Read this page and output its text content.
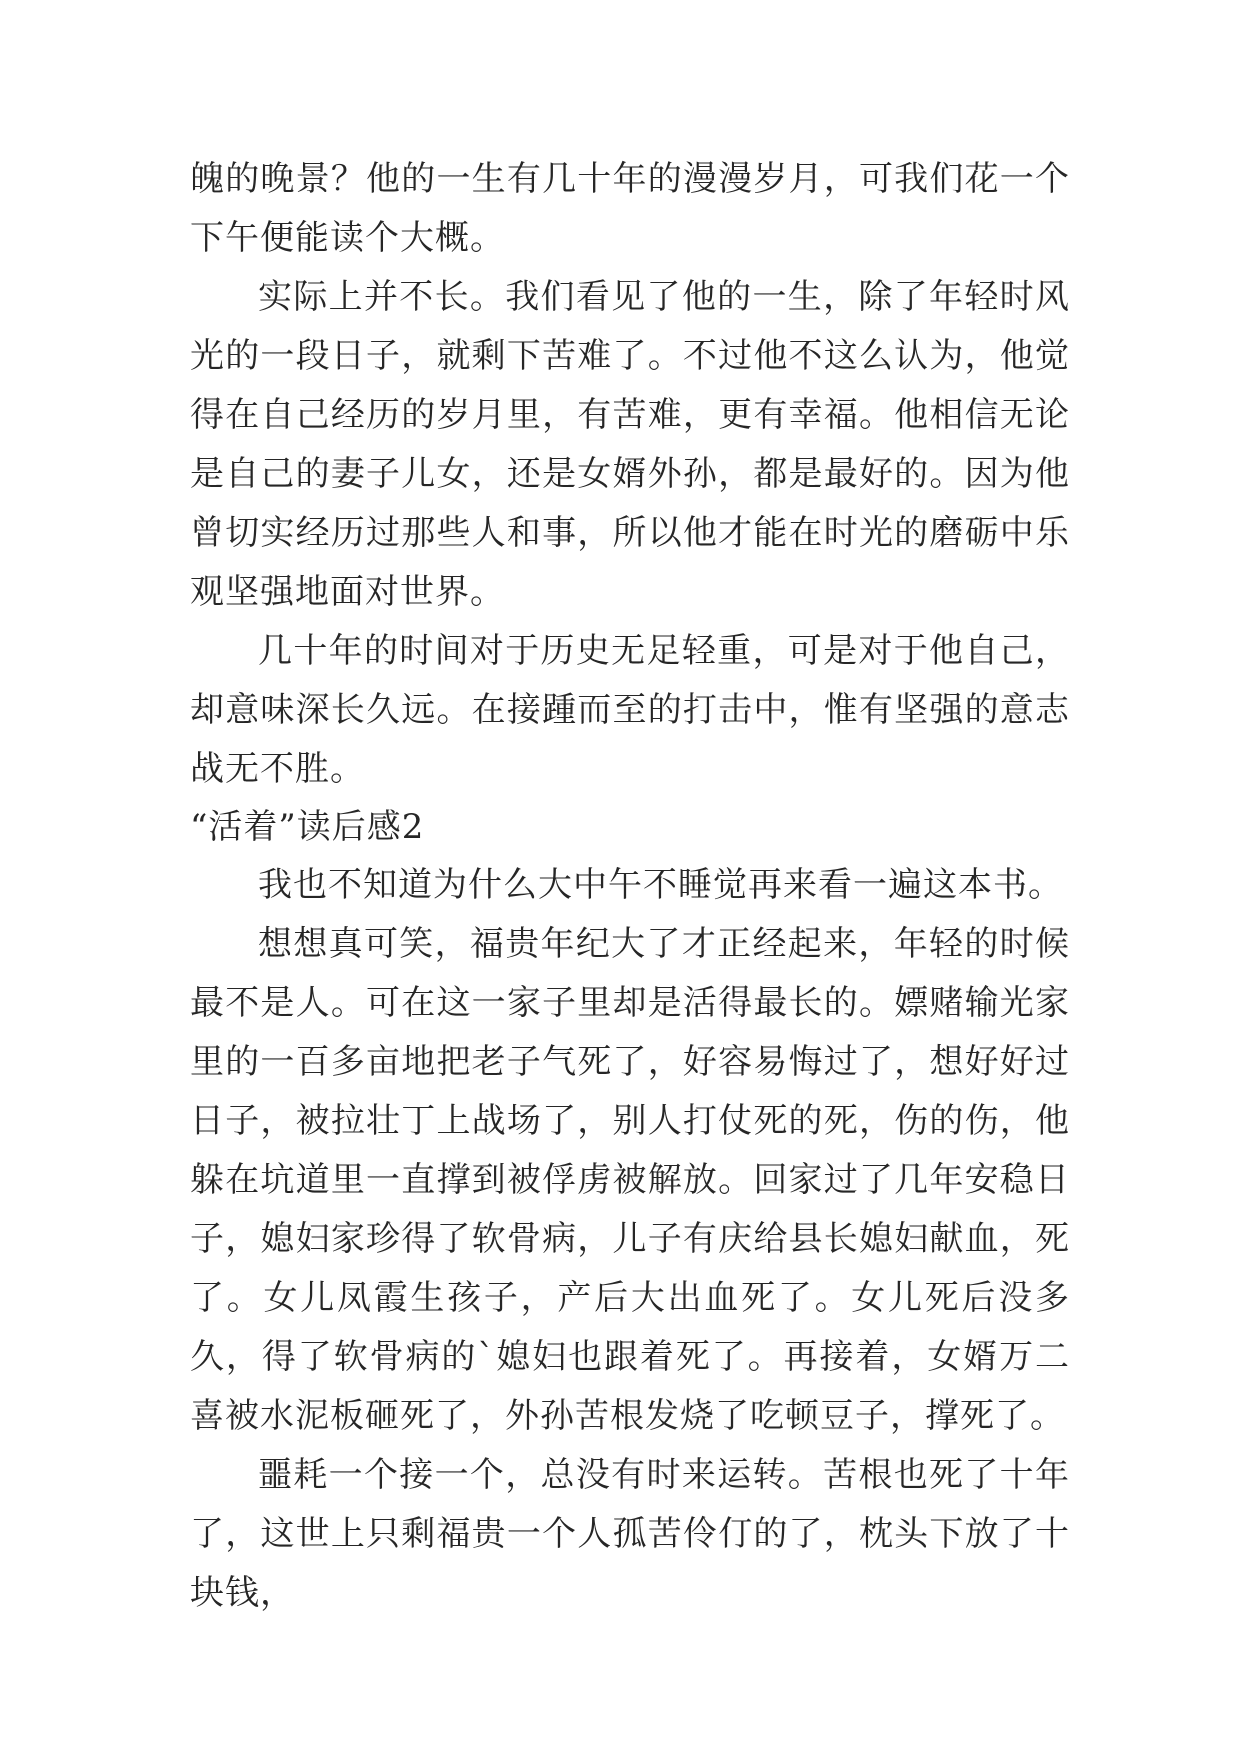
魄的晚景？他的一生有几十年的漫漫岁月，可我们花一个下午便能读个大概。

实际上并不长。我们看见了他的一生，除了年轻时风光的一段日子，就剩下苦难了。不过他不这么认为，他觉得在自己经历的岁月里，有苦难，更有幸福。他相信无论是自己的妻子儿女，还是女婿外孙，都是最好的。因为他曾切实经历过那些人和事，所以他才能在时光的磨砺中乐观坚强地面对世界。

几十年的时间对于历史无足轻重，可是对于他自己，却意味深长久远。在接踵而至的打击中，惟有坚强的意志战无不胜。

“活着”读后感2

我也不知道为什么大中午不睡觉再来看一遍这本书。

想想真可笑，福贵年纪大了才正经起来，年轻的时候最不是人。可在这一家子里却是活得最长的。嫖赌输光家里的一百多亩地把老子气死了，好容易悔过了，想好好过日子，被拉壮丁上战场了，别人打仗死的死，伤的伤，他躲在坑道里一直撑到被俘虏被解放。回家过了几年安稳日子，媳妇家珍得了软骨病，儿子有庆给县长媳妇献血，死了。女儿凤霞生孩子，产后大出血死了。女儿死后没多久，得了软骨病的`媳妇也跟着死了。再接着，女婿万二喜被水泥板砸死了，外孙苦根发烧了吃顿豆子，撑死了。

噩耗一个接一个，总没有时来运转。苦根也死了十年了，这世上只剩福贵一个人孤苦伶仃的了，枕头下放了十块钱，
